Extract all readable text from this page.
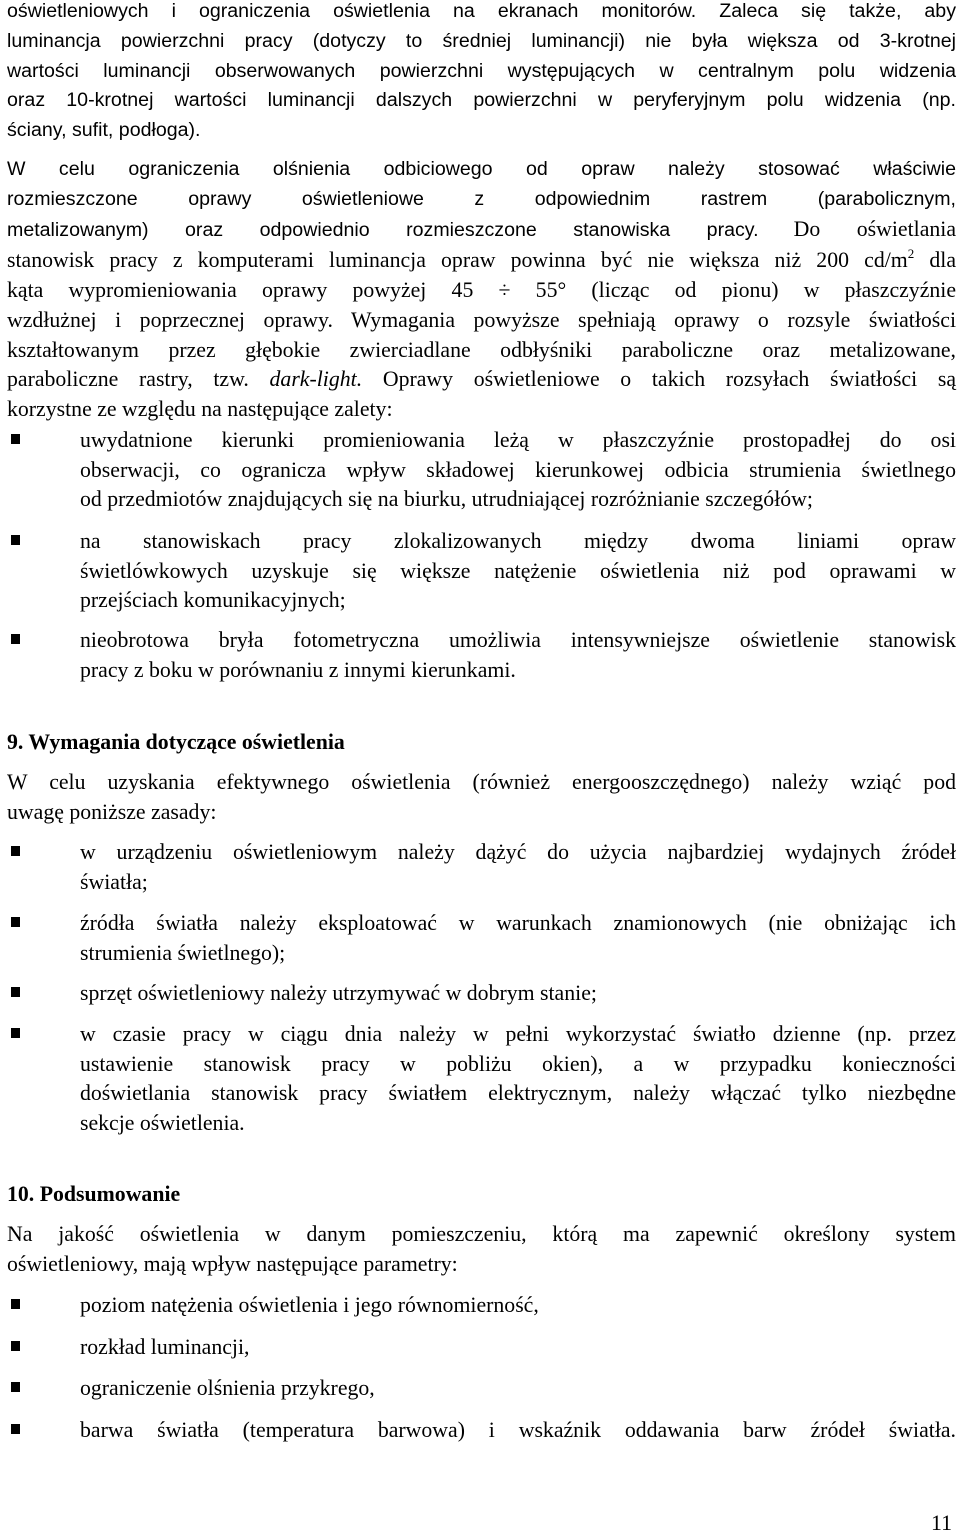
oświetleniowych i ograniczenia oświetlenia na ekranach monitorów. Zaleca się także, aby
luminancja powierzchni pracy (dotyczy to średniej luminancji) nie była większa od 3-krotnej
wartości luminancji obserwowanych powierzchni występujących w centralnym polu widzenia
oraz 10-krotnej wartości luminancji dalszych powierzchni w peryferyjnym polu widzenia (np.
ściany, sufit, podłoga).
W celu ograniczenia olśnienia odbiciowego od opraw należy stosować właściwie
rozmieszczone oprawy oświetleniowe z odpowiednim rastrem (parabolicznym,
metalizowanym) oraz odpowiednio rozmieszczone stanowiska pracy. Do oświetlania
stanowisk pracy z komputerami luminancja opraw powinna być nie większa niż 200 $cd/m^2$ dla
kąta wypromieniowania oprawy powyżej 45 ÷ 55° (licząc od pionu) w płaszczyźnie
wzdłużnej i poprzecznej oprawy. Wymagania powyższe spełniają oprawy o rozsyle światłości
kształtowanym przez głębokie zwierciadlane odbłyśniki paraboliczne oraz metalizowane,
paraboliczne rastry, tzw. dark-light. Oprawy oświetleniowe o takich rozsyłach światłości są
korzystne ze względu na następujące zalety:
uwydatnione kierunki promieniowania leżą w płaszczyźnie prostopadłej do osi
obserwacji, co ogranicza wpływ składowej kierunkowej odbicia strumienia świetlnego
od przedmiotów znajdujących się na biurku, utrudniającej rozróżnianie szczegółów;
na stanowiskach pracy zlokalizowanych między dwoma liniami opraw
świetlówkowych uzyskuje się większe natężenie oświetlenia niż pod oprawami w
przejściach komunikacyjnych;
nieobrotowa bryła fotometryczna umożliwia intensywniejsze oświetlenie stanowisk
pracy z boku w porównaniu z innymi kierunkami.
9. Wymagania dotyczące oświetlenia
W celu uzyskania efektywnego oświetlenia (również energooszczędnego) należy wziąć pod
uwagę poniższe zasady:
w urządzeniu oświetleniowym należy dążyć do użycia najbardziej wydajnych źródeł
światła;
źródła światła należy eksploatować w warunkach znamionowych (nie obniżając ich
strumienia świetlnego);
sprzęt oświetleniowy należy utrzymywać w dobrym stanie;
w czasie pracy w ciągu dnia należy w pełni wykorzystać światło dzienne (np. przez
ustawienie stanowisk pracy w pobliżu okien), a w przypadku konieczności
doświetlania stanowisk pracy światłem elektrycznym, należy włączać tylko niezbędne
sekcje oświetlenia.
10. Podsumowanie
Na jakość oświetlenia w danym pomieszczeniu, którą ma zapewnić określony system
oświetleniowy, mają wpływ następujące parametry:
poziom natężenia oświetlenia i jego równomierność,
rozkład luminancji,
ograniczenie olśnienia przykrego,
barwa światła (temperatura barwowa) i wskaźnik oddawania barw źródeł światła.
11
